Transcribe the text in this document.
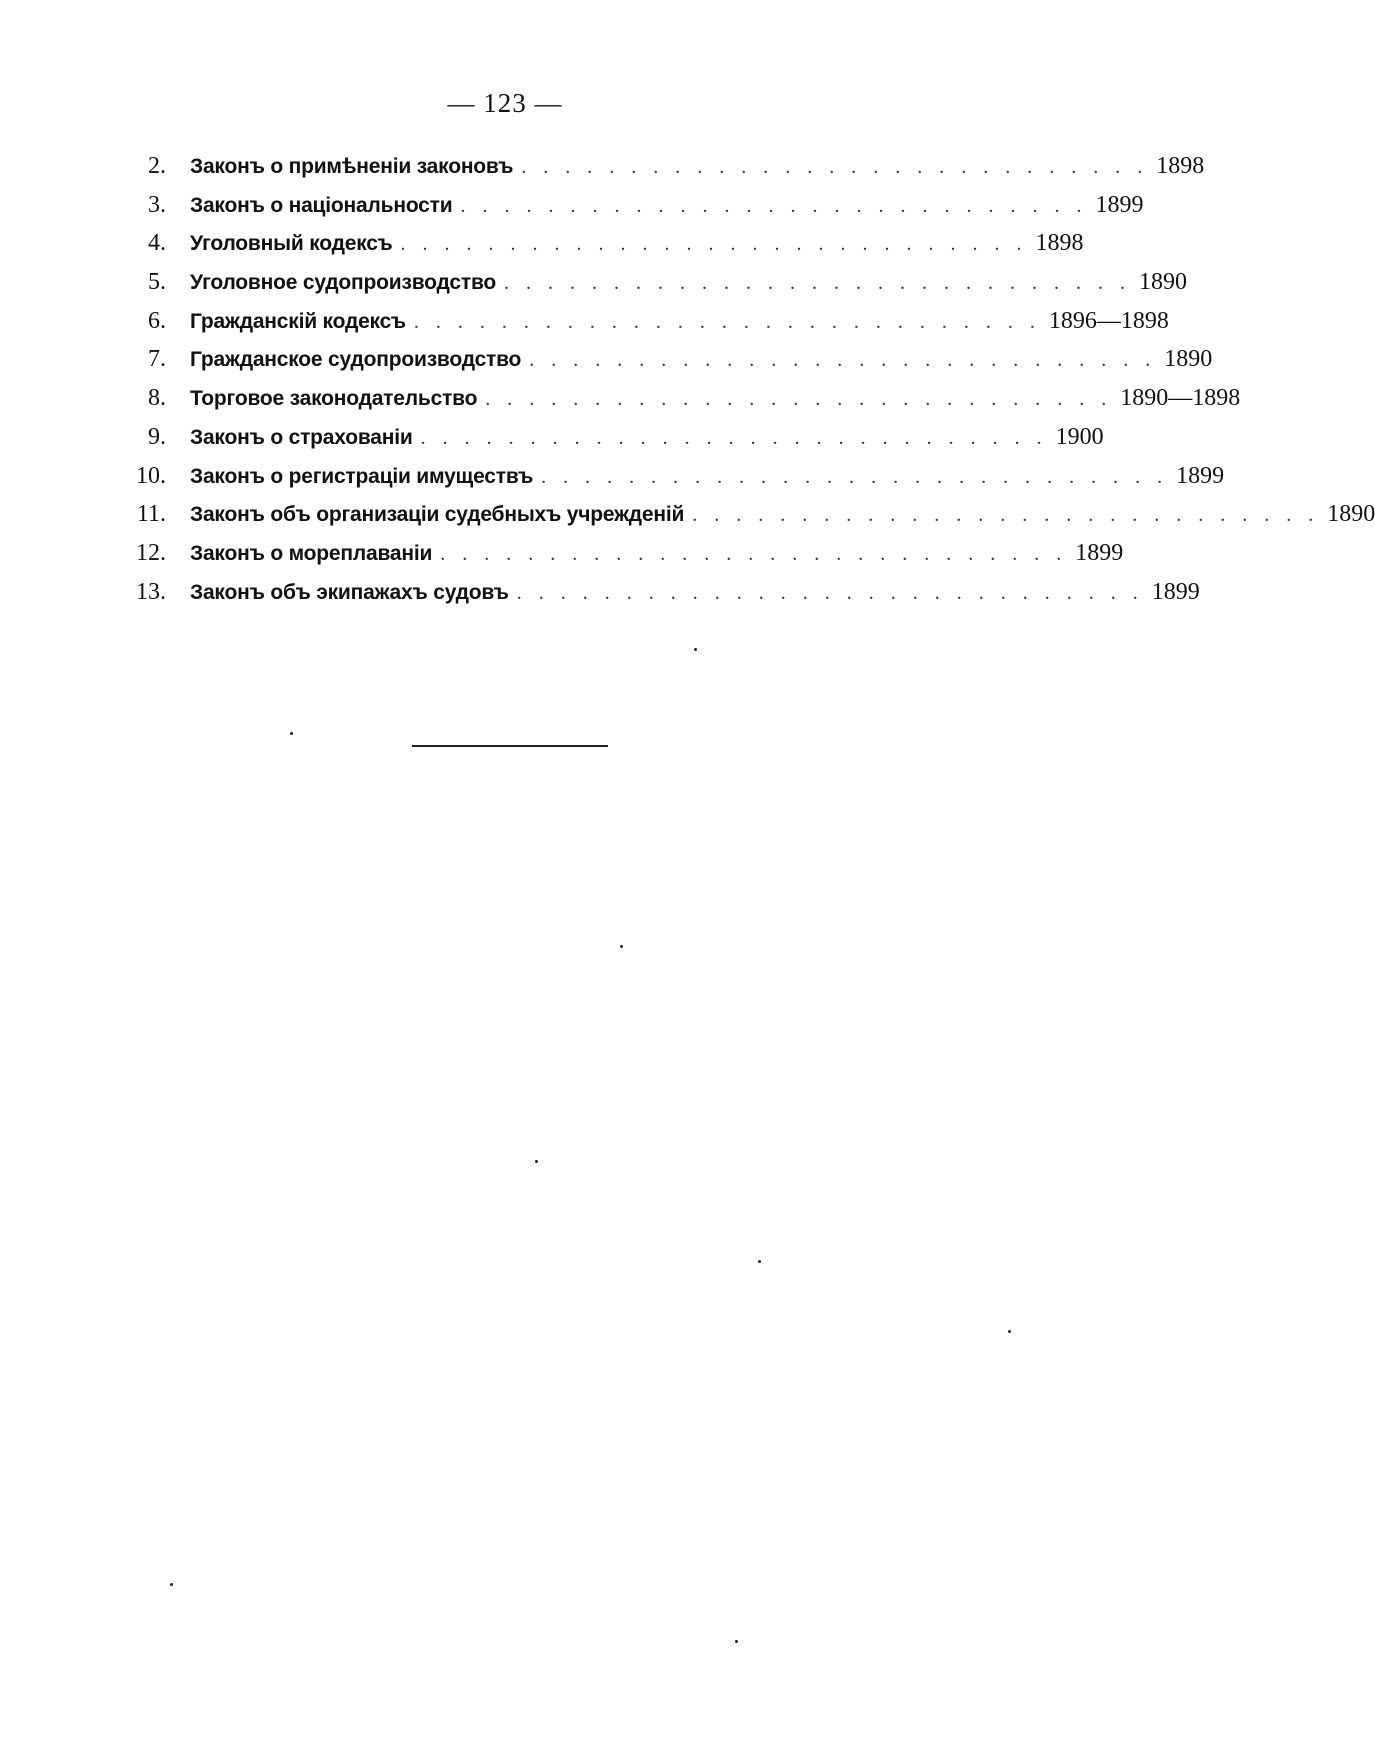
— 123 —
2. Законъ о примѣненіи законовъ . . . . . . . . . . . . . . . . . . . . . . . . . . . . . 1898
3. Законъ о національности . . . . . . . . . . . . . . . . . . . . . . . . . . . . . 1899
4. Уголовный кодексъ . . . . . . . . . . . . . . . . . . . . . . . . . . . . . 1898
5. Уголовное судопроизводство . . . . . . . . . . . . . . . . . . . . . . . . . . . . . 1890
6. Гражданскій кодексъ . . . . . . . . . . . . . . . . . . . . . . . . . . . . . 1896—1898
7. Гражданское судопроизводство . . . . . . . . . . . . . . . . . . . . . . . . . . . . . 1890
8. Торговое законодательство . . . . . . . . . . . . . . . . . . . . . . . . . . . . . 1890—1898
9. Законъ о страхованіи . . . . . . . . . . . . . . . . . . . . . . . . . . . . . 1900
10. Законъ о регистраціи имуществъ . . . . . . . . . . . . . . . . . . . . . . . . . . . . . 1899
11. Законъ объ организаціи судебныхъ учрежденій . . . . . . . . . . . . . . . . . . . . . . . . . . . . . 1890
12. Законъ о мореплаваніи . . . . . . . . . . . . . . . . . . . . . . . . . . . . . 1899
13. Законъ объ экипажахъ судовъ . . . . . . . . . . . . . . . . . . . . . . . . . . . . . 1899
